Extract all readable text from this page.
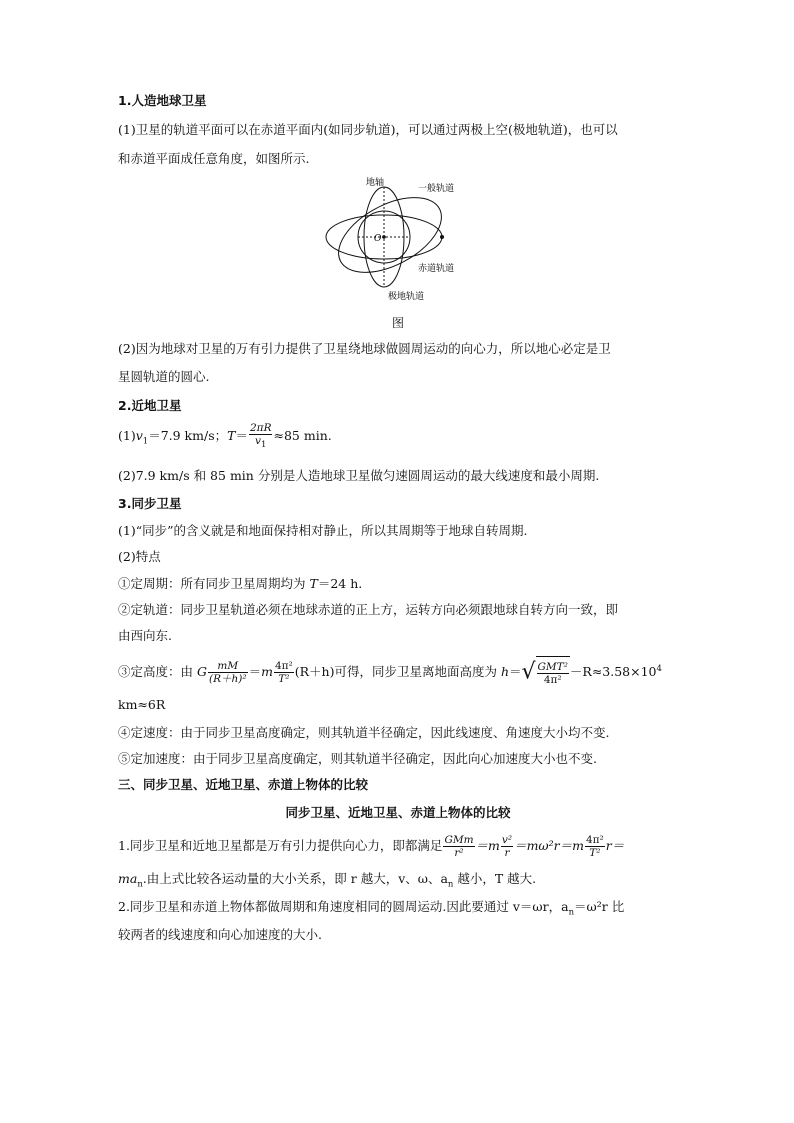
1.人造地球卫星
(1)卫星的轨道平面可以在赤道平面内(如同步轨道)，可以通过两极上空(极地轨道)，也可以
和赤道平面成任意角度，如图所示.
地轴
一般轨道
O
赤道轨道
极地轨道
图
(2)因为地球对卫星的万有引力提供了卫星绕地球做圆周运动的向心力，所以地心必定是卫
星圆轨道的圆心.
2.近地卫星
$(1)v_1=7.9$ km/s；$T= \frac{2\pi R}{v_1} \approx 85$ min.
(2)7.9 km/s 和 85 min 分别是人造地球卫星做匀速圆周运动的最大线速度和最小周期.
3.同步卫星
(1)“同步”的含义就是和地面保持相对静止，所以其周期等于地球自转周期.
(2)特点
①定周期：所有同步卫星周期均为 T＝24 h.
②定轨道：同步卫星轨道必须在地球赤道的正上方，运转方向必须跟地球自转方向一致，即
由西向东.
③定高度：由 G $\frac{mM}{\text{(R＋h)²}} =m \frac{\text{4π²}}{\text{T²}} (R+h)$可得，同步卫星离地面高度为 $h=√ \frac{\text{GMT²}}{\text{4π²}} -R\approx 3.58\times 10^4$
km≈6R
④定速度：由于同步卫星高度确定，则其轨道半径确定，因此线速度、角速度大小均不变.
⑤定加速度：由于同步卫星高度确定，则其轨道半径确定，因此向心加速度大小也不变.
三、同步卫星、近地卫星、赤道上物体的比较
同步卫星、近地卫星、赤道上物体的比较
1.同步卫星和近地卫星都是万有引力提供向心力，即都满足 $\frac{\text{GMm}}{\text{r²}} =m \frac{\text{v²}}{r} =m\omega^2r=m \frac{\text{4π²}}{\text{T²}} r=$
$ma_n$.由上式比较各运动量的大小关系，即 r 越大，v、ω、$a_n$ 越小，T 越大.
2.同步卫星和赤道上物体都做周期和角速度相同的圆周运动.因此要通过 v＝ωr，$a_n=\omega^2r$ 比
较两者的线速度和向心加速度的大小.
